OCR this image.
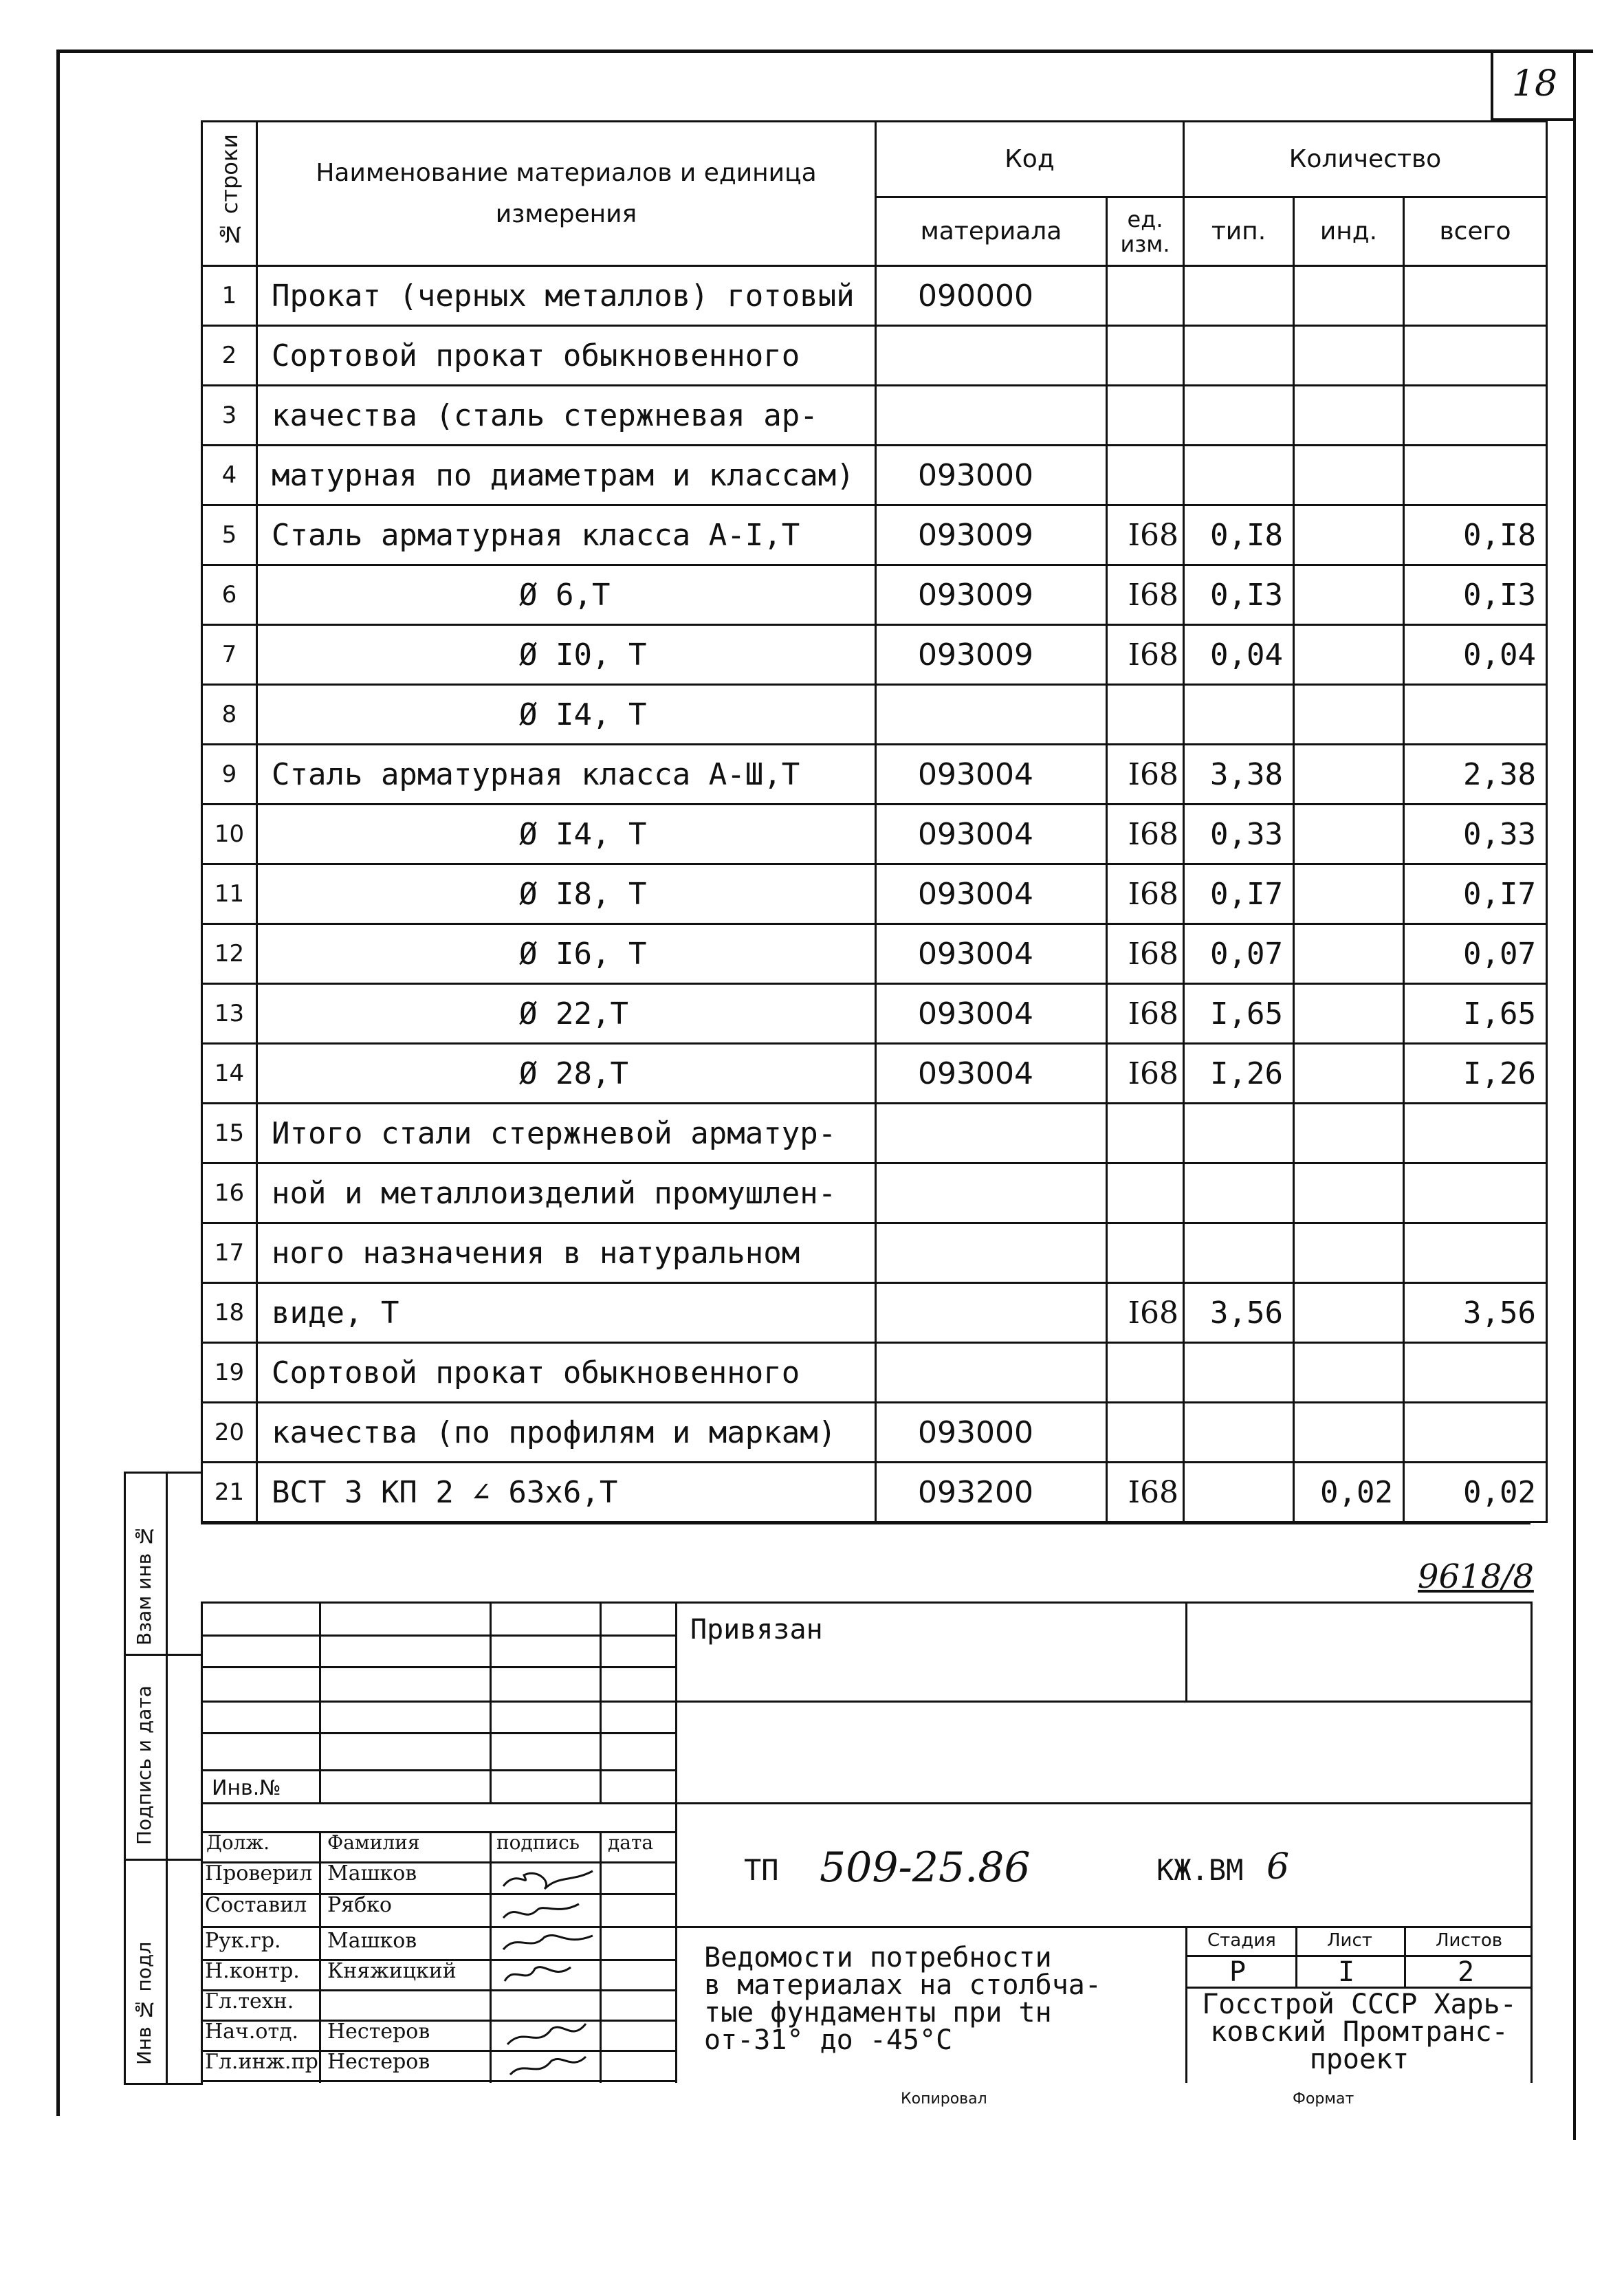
18
№ строки	Наименование материалов и единица измерения	Код		Количество		
		материала	ед. изм.	тип.	инд.	всего
1	Прокат (черных металлов) готовый	090000				
2	Сортовой прокат обыкновенного					
3	качества (сталь стержневая ар-					
4	матурная по диаметрам и классам)	093000				
5	Сталь арматурная класса А-I,Т	093009	I68	0,I8		0,I8
6	Ø 6,Т	093009	I68	0,I3		0,I3
7	Ø I0, Т	093009	I68	0,04		0,04
8	Ø I4, Т					
9	Сталь арматурная класса А-Ш,Т	093004	I68	3,38		2,38
10	Ø I4, Т	093004	I68	0,33		0,33
11	Ø I8, Т	093004	I68	0,I7		0,I7
12	Ø I6, Т	093004	I68	0,07		0,07
13	Ø 22,Т	093004	I68	I,65		I,65
14	Ø 28,Т	093004	I68	I,26		I,26
15	Итого стали стержневой арматур-					
16	ной и металлоизделий промушлен-					
17	ного назначения в натуральном					
18	виде, Т		I68	3,56		3,56
19	Сортовой прокат обыкновенного					
20	качества (по профилям и маркам)	093000				
21	ВСТ 3 КП 2 ∠ 63х6,Т	093200	I68		0,02	0,02
Взам инв №
Подпись и дата
Инв № подл
9618/8
Привязан
Инв.№
Долж.	Фамилия	подпись дата
Проверил Машков
Составил Рябко
Рук.гр. Машков
Н.контр. Княжицкий
Гл.техн.
Нач.отд. Нестеров
Гл.инж.пр Нестеров
ТП 509-25.86	КЖ.ВМ 6
Ведомости потребности
в материалах на столбча-
тые фундаменты при tн
от-31° до -45°С
Стадия	Лист	Листов
Р	I	2
Госстрой СССР Харь-
ковский Промтранс-
проект
Копировал	Формат
